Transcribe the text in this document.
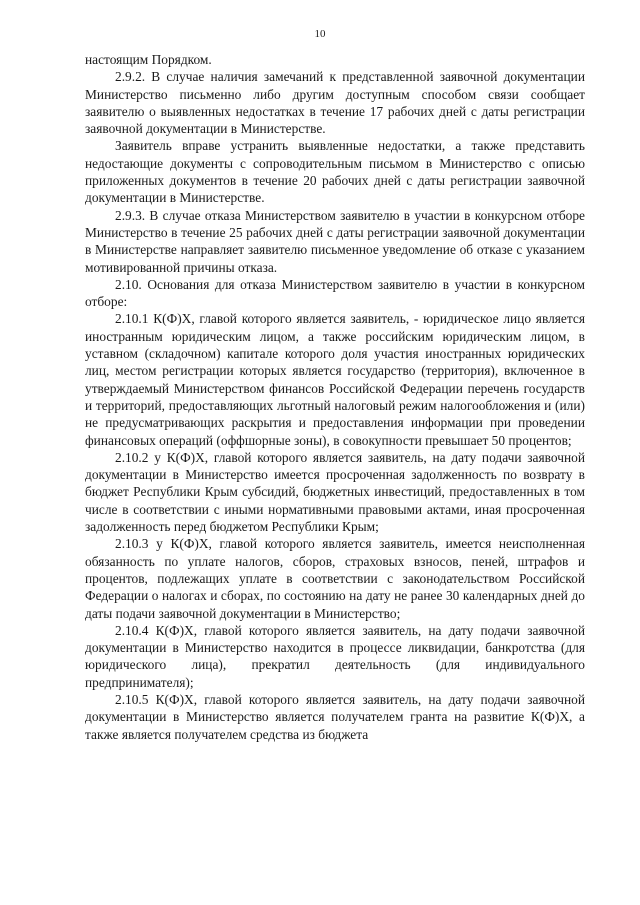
10

настоящим Порядком.

2.9.2. В случае наличия замечаний к представленной заявочной документации Министерство письменно либо другим доступным способом связи сообщает заявителю о выявленных недостатках в течение 17 рабочих дней с даты регистрации заявочной документации в Министерстве.

Заявитель вправе устранить выявленные недостатки, а также представить недостающие документы с сопроводительным письмом в Министерство с описью приложенных документов в течение 20 рабочих дней с даты регистрации заявочной документации в Министерстве.

2.9.3. В случае отказа Министерством заявителю в участии в конкурсном отборе Министерство в течение 25 рабочих дней с даты регистрации заявочной документации в Министерстве направляет заявителю письменное уведомление об отказе с указанием мотивированной причины отказа.

2.10. Основания для отказа Министерством заявителю в участии в конкурсном отборе:

2.10.1 К(Ф)Х, главой которого является заявитель, - юридическое лицо является иностранным юридическим лицом, а также российским юридическим лицом, в уставном (складочном) капитале которого доля участия иностранных юридических лиц, местом регистрации которых является государство (территория), включенное в утверждаемый Министерством финансов Российской Федерации перечень государств и территорий, предоставляющих льготный налоговый режим налогообложения и (или) не предусматривающих раскрытия и предоставления информации при проведении финансовых операций (оффшорные зоны), в совокупности превышает 50 процентов;

2.10.2 у К(Ф)Х, главой которого является заявитель, на дату подачи заявочной документации в Министерство имеется просроченная задолженность по возврату в бюджет Республики Крым субсидий, бюджетных инвестиций, предоставленных в том числе в соответствии с иными нормативными правовыми актами, иная просроченная задолженность перед бюджетом Республики Крым;

2.10.3 у К(Ф)Х, главой которого является заявитель, имеется неисполненная обязанность по уплате налогов, сборов, страховых взносов, пеней, штрафов и процентов, подлежащих уплате в соответствии с законодательством Российской Федерации о налогах и сборах, по состоянию на дату не ранее 30 календарных дней до даты подачи заявочной документации в Министерство;

2.10.4 К(Ф)Х, главой которого является заявитель, на дату подачи заявочной документации в Министерство находится в процессе ликвидации, банкротства (для юридического лица), прекратил деятельность (для индивидуального предпринимателя);

2.10.5 К(Ф)Х, главой которого является заявитель, на дату подачи заявочной документации в Министерство является получателем гранта на развитие К(Ф)Х, а также является получателем средства из бюджета
